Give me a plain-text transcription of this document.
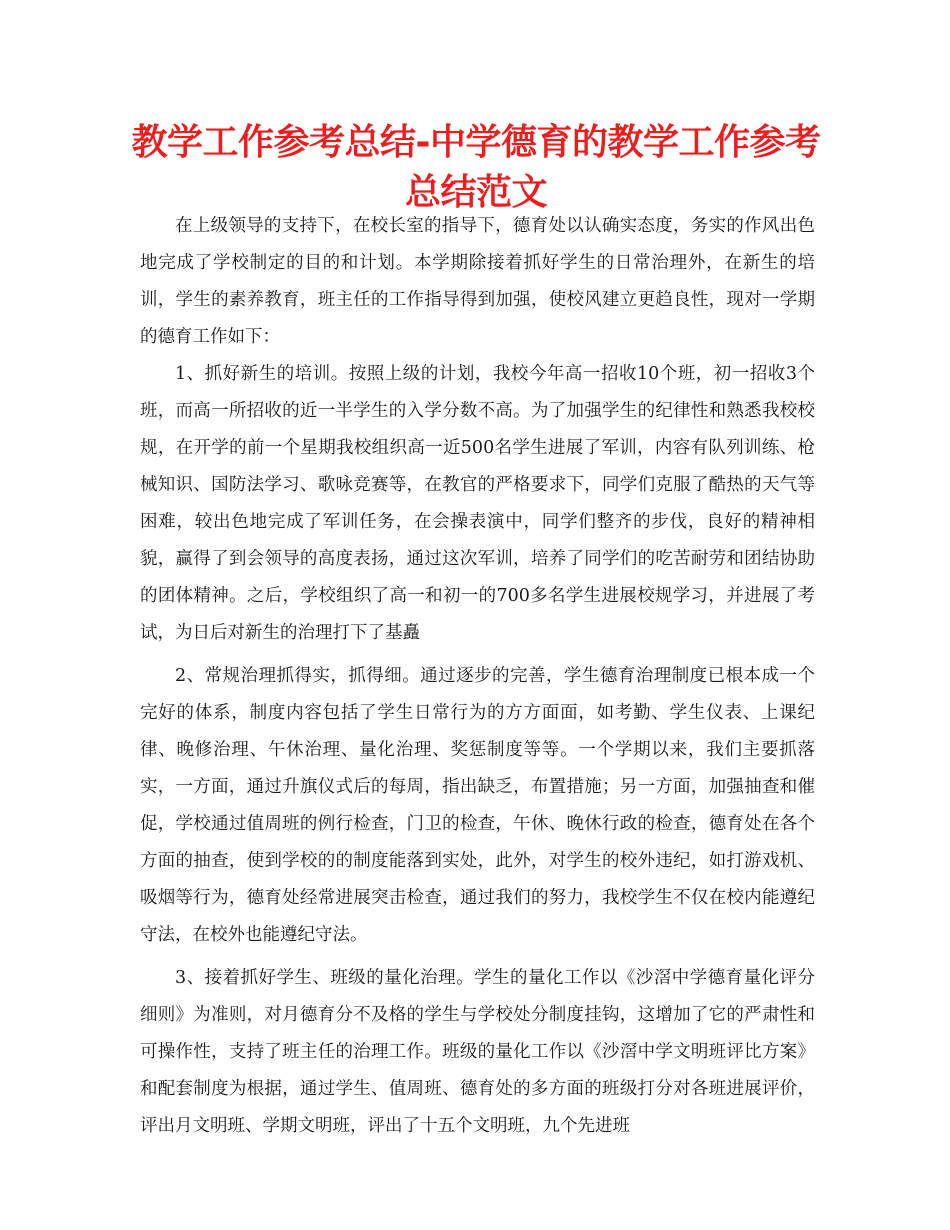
教学工作参考总结-中学德育的教学工作参考总结范文

在上级领导的支持下，在校长室的指导下，德育处以认确实态度，务实的作风出色地完成了学校制定的目的和计划。本学期除接着抓好学生的日常治理外，在新生的培训，学生的素养教育，班主任的工作指导得到加强，使校风建立更趋良性，现对一学期的德育工作如下：

1、抓好新生的培训。按照上级的计划，我校今年高一招收10个班，初一招收3个班，而高一所招收的近一半学生的入学分数不高。为了加强学生的纪律性和熟悉我校校规，在开学的前一个星期我校组织高一近500名学生进展了军训，内容有队列训练、枪械知识、国防法学习、歌咏竞赛等，在教官的严格要求下，同学们克服了酷热的天气等困难，较出色地完成了军训任务，在会操表演中，同学们整齐的步伐，良好的精神相貌，赢得了到会领导的高度表扬，通过这次军训，培养了同学们的吃苦耐劳和团结协助的团体精神。之后，学校组织了高一和初一的700多名学生进展校规学习，并进展了考试，为日后对新生的治理打下了基矗

2、常规治理抓得实，抓得细。通过逐步的完善，学生德育治理制度已根本成一个完好的体系，制度内容包括了学生日常行为的方方面面，如考勤、学生仪表、上课纪律、晚修治理、午休治理、量化治理、奖惩制度等等。一个学期以来，我们主要抓落实，一方面，通过升旗仪式后的每周，指出缺乏，布置措施；另一方面，加强抽查和催促，学校通过值周班的例行检查，门卫的检查，午休、晚休行政的检查，德育处在各个方面的抽查，使到学校的的制度能落到实处，此外，对学生的校外违纪，如打游戏机、吸烟等行为，德育处经常进展突击检查，通过我们的努力，我校学生不仅在校内能遵纪守法，在校外也能遵纪守法。

3、接着抓好学生、班级的量化治理。学生的量化工作以《沙滘中学德育量化评分细则》为准则，对月德育分不及格的学生与学校处分制度挂钩，这增加了它的严肃性和可操作性，支持了班主任的治理工作。班级的量化工作以《沙滘中学文明班评比方案》和配套制度为根据，通过学生、值周班、德育处的多方面的班级打分对各班进展评价，评出月文明班、学期文明班，评出了十五个文明班，九个先进班
